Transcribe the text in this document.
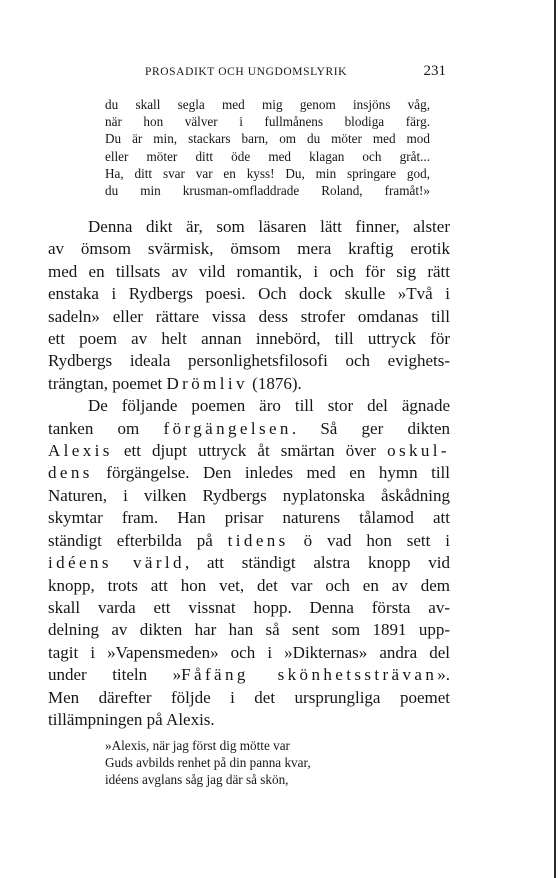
PROSADIKT OCH UNGDOMSLYRIK	231
du skall segla med mig genom insjöns våg,
när hon välver i fullmånens blodiga färg.
Du är min, stackars barn, om du möter med mod
eller möter ditt öde med klagan och gråt...
Ha, ditt svar var en kyss! Du, min springare god,
du min krusman-omfladdrade Roland, framåt!»
Denna dikt är, som läsaren lätt finner, alster
av ömsom svärmisk, ömsom mera kraftig erotik
med en tillsats av vild romantik, i och för sig rätt
enstaka i Rydbergs poesi. Och dock skulle »Två i
sadeln» eller rättare vissa dess strofer omdanas till
ett poem av helt annan innebörd, till uttryck för
Rydbergs ideala personlighetsfilosofi och evighets-
trängtan, poemet Drömliv (1876).
De följande poemen äro till stor del ägnade
tanken om förgängelsen. Så ger dikten
Alexis ett djupt uttryck åt smärtan över oskul-
dens förgängelse. Den inledes med en hymn till
Naturen, i vilken Rydbergs nyplatonska åskådning
skymtar fram. Han prisar naturens tålamod att
ständigt efterbilda på tidens ö vad hon sett i
idéens värld, att ständigt alstra knopp vid
knopp, trots att hon vet, det var och en av dem
skall varda ett vissnat hopp. Denna första av-
delning av dikten har han så sent som 1891 upp-
tagit i »Vapensmeden» och i »Dikternas» andra del
under titeln »Fåfäng skönhetssträvan».
Men därefter följde i det ursprungliga poemet
tillämpningen på Alexis.
»Alexis, när jag först dig mötte var
Guds avbilds renhet på din panna kvar,
idéens avglans såg jag där så skön,
